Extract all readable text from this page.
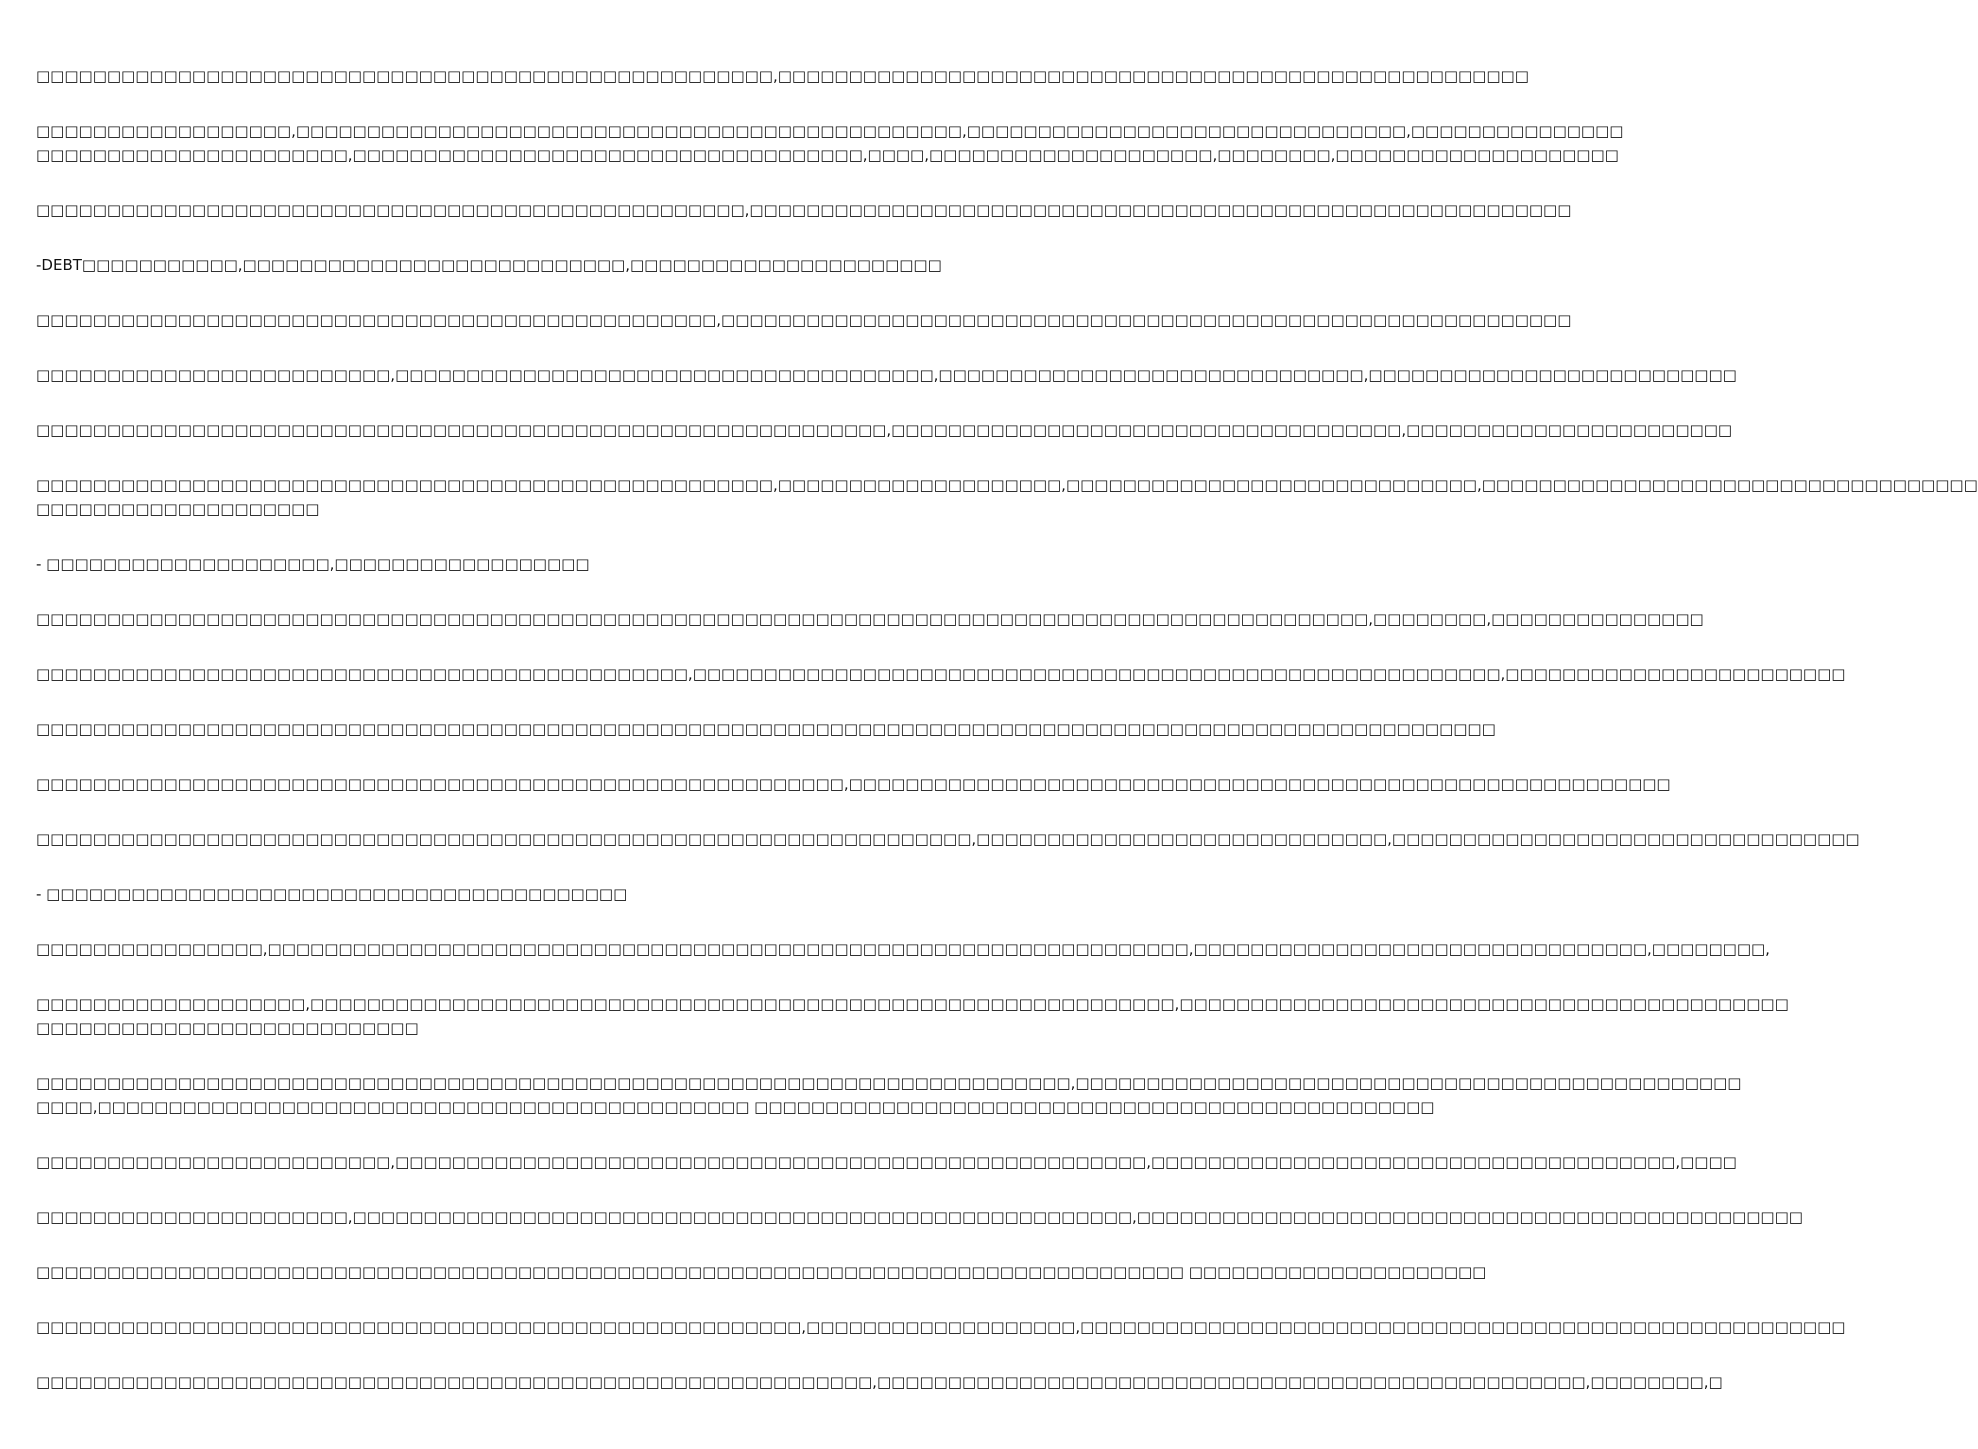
□□□□□□□□□□□□□□□□□□□□□□□□□□□□□□□□□□□□□□□□□□□□□□□□□□□□,□□□□□□□□□□□□□□□□□□□□□□□□□□□□□□□□□□□□□□□□□□□□□□□□□□□□□
□□□□□□□□□□□□□□□□□□,□□□□□□□□□□□□□□□□□□□□□□□□□□□□□□□□□□□□□□□□□□□□□□□,□□□□□□□□□□□□□□□□□□□□□□□□□□□□□□□,□□□□□□□□□□□□□□□
□□□□□□□□□□□□□□□□□□□□□□,□□□□□□□□□□□□□□□□□□□□□□□□□□□□□□□□□□□□,□□□□,□□□□□□□□□□□□□□□□□□□□,□□□□□□□□,□□□□□□□□□□□□□□□□□□□□
□□□□□□□□□□□□□□□□□□□□□□□□□□□□□□□□□□□□□□□□□□□□□□□□□□,□□□□□□□□□□□□□□□□□□□□□□□□□□□□□□□□□□□□□□□□□□□□□□□□□□□□□□□□□□
-DEBT□□□□□□□□□□□,□□□□□□□□□□□□□□□□□□□□□□□□□□□,□□□□□□□□□□□□□□□□□□□□□□
□□□□□□□□□□□□□□□□□□□□□□□□□□□□□□□□□□□□□□□□□□□□□□□□,□□□□□□□□□□□□□□□□□□□□□□□□□□□□□□□□□□□□□□□□□□□□□□□□□□□□□□□□□□□□
□□□□□□□□□□□□□□□□□□□□□□□□□,□□□□□□□□□□□□□□□□□□□□□□□□□□□□□□□□□□□□□□,□□□□□□□□□□□□□□□□□□□□□□□□□□□□□□,□□□□□□□□□□□□□□□□□□□□□□□□□□
□□□□□□□□□□□□□□□□□□□□□□□□□□□□□□□□□□□□□□□□□□□□□□□□□□□□□□□□□□□□,□□□□□□□□□□□□□□□□□□□□□□□□□□□□□□□□□□□□,□□□□□□□□□□□□□□□□□□□□□□□
□□□□□□□□□□□□□□□□□□□□□□□□□□□□□□□□□□□□□□□□□□□□□□□□□□□□,□□□□□□□□□□□□□□□□□□□□,□□□□□□□□□□□□□□□□□□□□□□□□□□□□□,□□□□□□□□□□□□□□□□□□□□□□□□□□□□□□□□□□□
□□□□□□□□□□□□□□□□□□□□
- □□□□□□□□□□□□□□□□□□□□,□□□□□□□□□□□□□□□□□□
□□□□□□□□□□□□□□□□□□□□□□□□□□□□□□□□□□□□□□□□□□□□□□□□□□□□□□□□□□□□□□□□□□□□□□□□□□□□□□□□□□□□□□□□□□□□□□,□□□□□□□□,□□□□□□□□□□□□□□□
□□□□□□□□□□□□□□□□□□□□□□□□□□□□□□□□□□□□□□□□□□□□□□,□□□□□□□□□□□□□□□□□□□□□□□□□□□□□□□□□□□□□□□□□□□□□□□□□□□□□□□□□,□□□□□□□□□□□□□□□□□□□□□□□□
□□□□□□□□□□□□□□□□□□□□□□□□□□□□□□□□□□□□□□□□□□□□□□□□□□□□□□□□□□□□□□□□□□□□□□□□□□□□□□□□□□□□□□□□□□□□□□□□□□□□□□□
□□□□□□□□□□□□□□□□□□□□□□□□□□□□□□□□□□□□□□□□□□□□□□□□□□□□□□□□□,□□□□□□□□□□□□□□□□□□□□□□□□□□□□□□□□□□□□□□□□□□□□□□□□□□□□□□□□□□
□□□□□□□□□□□□□□□□□□□□□□□□□□□□□□□□□□□□□□□□□□□□□□□□□□□□□□□□□□□□□□□□□□,□□□□□□□□□□□□□□□□□□□□□□□□□□□□□,□□□□□□□□□□□□□□□□□□□□□□□□□□□□□□□□□
- □□□□□□□□□□□□□□□□□□□□□□□□□□□□□□□□□□□□□□□□□
□□□□□□□□□□□□□□□□,□□□□□□□□□□□□□□□□□□□□□□□□□□□□□□□□□□□□□□□□□□□□□□□□□□□□□□□□□□□□□□□□□,□□□□□□□□□□□□□□□□□□□□□□□□□□□□□□□□,□□□□□□□□,
□□□□□□□□□□□□□□□□□□□,□□□□□□□□□□□□□□□□□□□□□□□□□□□□□□□□□□□□□□□□□□□□□□□□□□□□□□□□□□□□□,□□□□□□□□□□□□□□□□□□□□□□□□□□□□□□□□□□□□□□□□□□□
□□□□□□□□□□□□□□□□□□□□□□□□□□□
□□□□□□□□□□□□□□□□□□□□□□□□□□□□□□□□□□□□□□□□□□□□□□□□□□□□□□□□□□□□□□□□□□□□□□□□□,□□□□□□□□□□□□□□□□□□□□□□□□□□□□□□□□□□□□□□□□□□□□□□□
□□□□,□□□□□□□□□□□□□□□□□□□□□□□□□□□□□□□□□□□□□□□□□□□□□□ □□□□□□□□□□□□□□□□□□□□□□□□□□□□□□□□□□□□□□□□□□□□□□□□
□□□□□□□□□□□□□□□□□□□□□□□□□,□□□□□□□□□□□□□□□□□□□□□□□□□□□□□□□□□□□□□□□□□□□□□□□□□□□□□,□□□□□□□□□□□□□□□□□□□□□□□□□□□□□□□□□□□□□,□□□□
□□□□□□□□□□□□□□□□□□□□□□,□□□□□□□□□□□□□□□□□□□□□□□□□□□□□□□□□□□□□□□□□□□□□□□□□□□□□□□,□□□□□□□□□□□□□□□□□□□□□□□□□□□□□□□□□□□□□□□□□□□□□□□
□□□□□□□□□□□□□□□□□□□□□□□□□□□□□□□□□□□□□□□□□□□□□□□□□□□□□□□□□□□□□□□□□□□□□□□□□□□□□□□□□ □□□□□□□□□□□□□□□□□□□□□
□□□□□□□□□□□□□□□□□□□□□□□□□□□□□□□□□□□□□□□□□□□□□□□□□□□□□□,□□□□□□□□□□□□□□□□□□□,□□□□□□□□□□□□□□□□□□□□□□□□□□□□□□□□□□□□□□□□□□□□□□□□□□□□□□
□□□□□□□□□□□□□□□□□□□□□□□□□□□□□□□□□□□□□□□□□□□□□□□□□□□□□□□□□□□,□□□□□□□□□□□□□□□□□□□□□□□□□□□□□□□□□□□□□□□□□□□□□□□□□□,□□□□□□□□,□
